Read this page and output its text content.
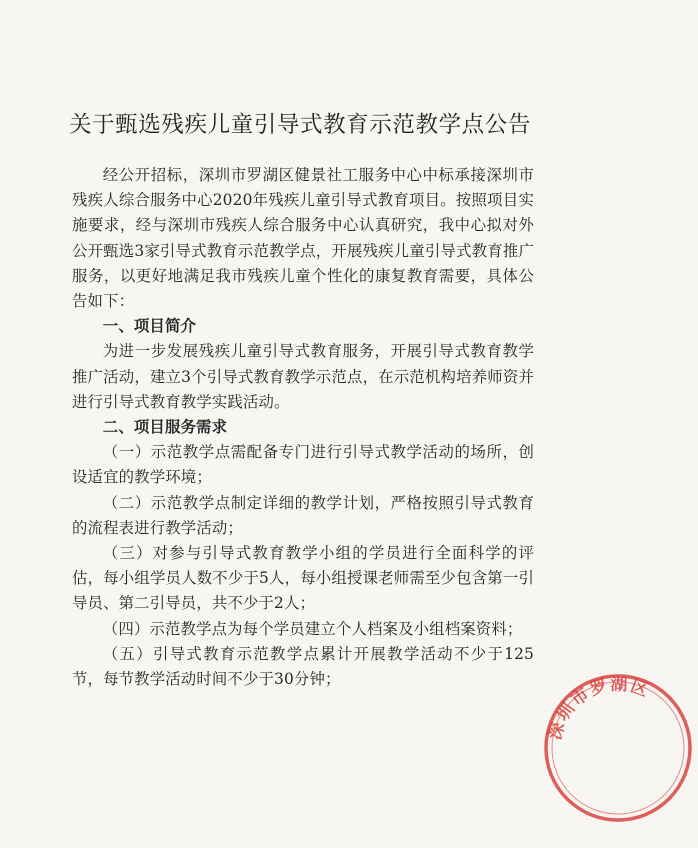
关于甄选残疾儿童引导式教育示范教学点公告

经公开招标，深圳市罗湖区健景社工服务中心中标承接深圳市残疾人综合服务中心2020年残疾儿童引导式教育项目。按照项目实施要求，经与深圳市残疾人综合服务中心认真研究，我中心拟对外公开甄选3家引导式教育示范教学点，开展残疾儿童引导式教育推广服务，以更好地满足我市残疾儿童个性化的康复教育需要，具体公告如下：

一、项目简介

为进一步发展残疾儿童引导式教育服务，开展引导式教育教学推广活动，建立3个引导式教育教学示范点，在示范机构培养师资并进行引导式教育教学实践活动。

二、项目服务需求

（一）示范教学点需配备专门进行引导式教学活动的场所，创设适宜的教学环境；

（二）示范教学点制定详细的教学计划，严格按照引导式教育的流程表进行教学活动；

（三）对参与引导式教育教学小组的学员进行全面科学的评估，每小组学员人数不少于5人，每小组授课老师需至少包含第一引导员、第二引导员，共不少于2人；

（四）示范教学点为每个学员建立个人档案及小组档案资料；

（五）引导式教育示范教学点累计开展教学活动不少于125节，每节教学活动时间不少于30分钟；

深圳市罗湖区
